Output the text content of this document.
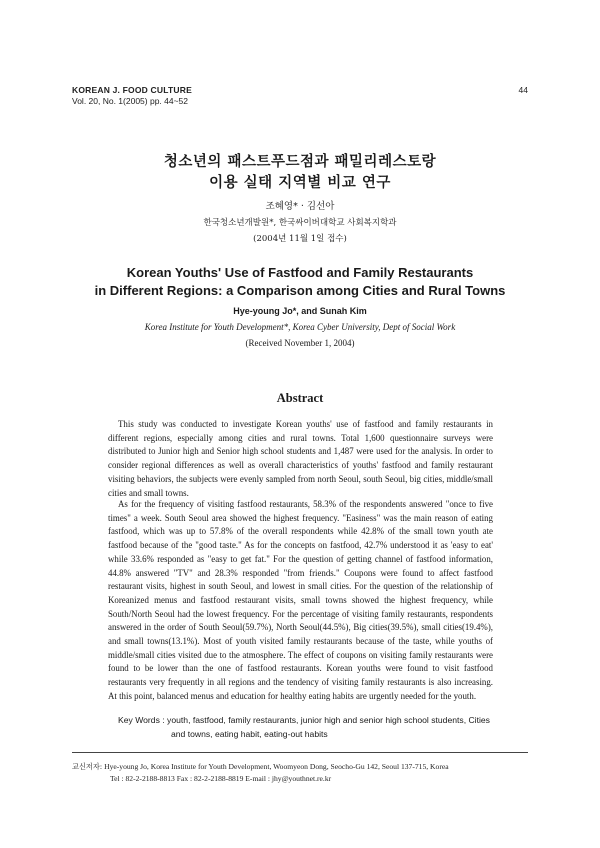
KOREAN J. FOOD CULTURE
Vol. 20, No. 1(2005) pp. 44~52
44
청소년의 패스트푸드점과 패밀리레스토랑
이용 실태 지역별 비교 연구
조혜영* · 김선아
한국청소년개발원*, 한국싸이버대학교 사회복지학과
(2004년 11월 1일 접수)
Korean Youths' Use of Fastfood and Family Restaurants
in Different Regions: a Comparison among Cities and Rural Towns
Hye-young Jo*, and Sunah Kim
Korea Institute for Youth Development*, Korea Cyber University, Dept of Social Work
(Received November 1, 2004)
Abstract

This study was conducted to investigate Korean youths' use of fastfood and family restaurants in different regions, especially among cities and rural towns. Total 1,600 questionnaire surveys were distributed to Junior high and Senior high school students and 1,487 were used for the analysis. In order to consider regional differences as well as overall characteristics of youths' fastfood and family restaurant visiting behaviors, the subjects were evenly sampled from north Seoul, south Seoul, big cities, middle/small cities and small towns.

As for the frequency of visiting fastfood restaurants, 58.3% of the respondents answered "once to five times" a week. South Seoul area showed the highest frequency. "Easiness" was the main reason of eating fastfood, which was up to 57.8% of the overall respondents while 42.8% of the small town youth ate fastfood because of the "good taste." As for the concepts on fastfood, 42.7% understood it as 'easy to eat' while 33.6% responded as "easy to get fat." For the question of getting channel of fastfood information, 44.8% answered "TV" and 28.3% responded "from friends." Coupons were found to affect fastfood restaurant visits, highest in south Seoul, and lowest in small cities. For the question of the relationship of Koreanized menus and fastfood restaurant visits, small towns showed the highest frequency, while South/North Seoul had the lowest frequency. For the percentage of visiting family restaurants, respondents answered in the order of South Seoul(59.7%), North Seoul(44.5%), Big cities(39.5%), small cities(19.4%), and small towns(13.1%). Most of youth visited family restaurants because of the taste, while youths of middle/small cities visited due to the atmosphere. The effect of coupons on visiting family restaurants were found to be lower than the one of fastfood restaurants. Korean youths were found to visit fastfood restaurants very frequently in all regions and the tendency of visiting family restaurants is also increasing. At this point, balanced menus and education for healthy eating habits are urgently needed for the youth.

Key Words : youth, fastfood, family restaurants, junior high and senior high school students, Cities
and towns, eating habit, eating-out habits
교신저자: Hye-young Jo, Korea Institute for Youth Development, Woomyeon Dong, Seocho-Gu 142, Seoul 137-715, Korea
Tel : 82-2-2188-8813 Fax : 82-2-2188-8819 E-mail : jhy@youthnet.re.kr
